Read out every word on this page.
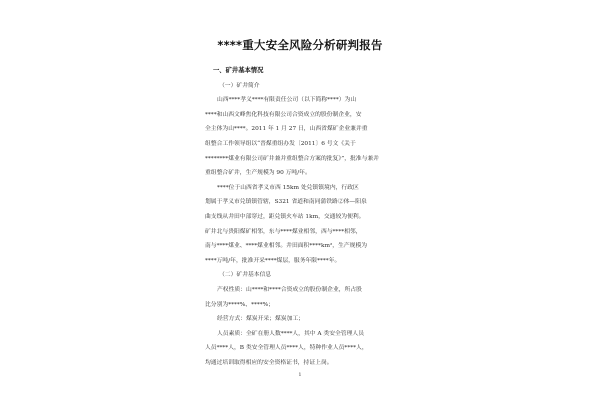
****重大安全风险分析研判报告

一、矿井基本情况

（一）矿井简介

山西****孝义****有限责任公司（以下简称****）为山

****和山西文峰焦化科技有限公司合资成立的股份制企业，安

全主体为山****。2011 年 1 月 27 日，山西省煤矿企业兼并重

组整合工作领导组以“晋煤重组办发〔2011〕6 号文《关于

********煤业有限公司矿井兼并重组整合方案的批复》”，批准与兼并

重组整合矿井，生产规模为 90 万吨/年。

****位于山西省孝义市西 15km 处兑镇镇境内，行政区

划属于孝义市兑镇镇管辖，S321 省道和南同蒲铁路②体—阳泉

曲支线从井田中部穿过，距兑镇火车站 1km，交通较为便利。

矿井北与贵阳煤矿相邻，东与****煤业相邻，西与****相邻，

南与****煤业、****煤业相邻。井田面积****km²，生产规模为

****万吨/年，批准开采****煤层，服务年限****年。

（二）矿井基本信息

产权性质：山****和****合资成立的股份制企业，所占股

比分别为****%、****%；

经营方式：煤炭开采；煤炭加工；

人员素质：全矿在册人数****人，其中 A 类安全管理人员

人员****人，B 类安全管理人员****人，特种作业人员****人，

均通过培训取得相应的安全资格证书，持证上岗。

1
